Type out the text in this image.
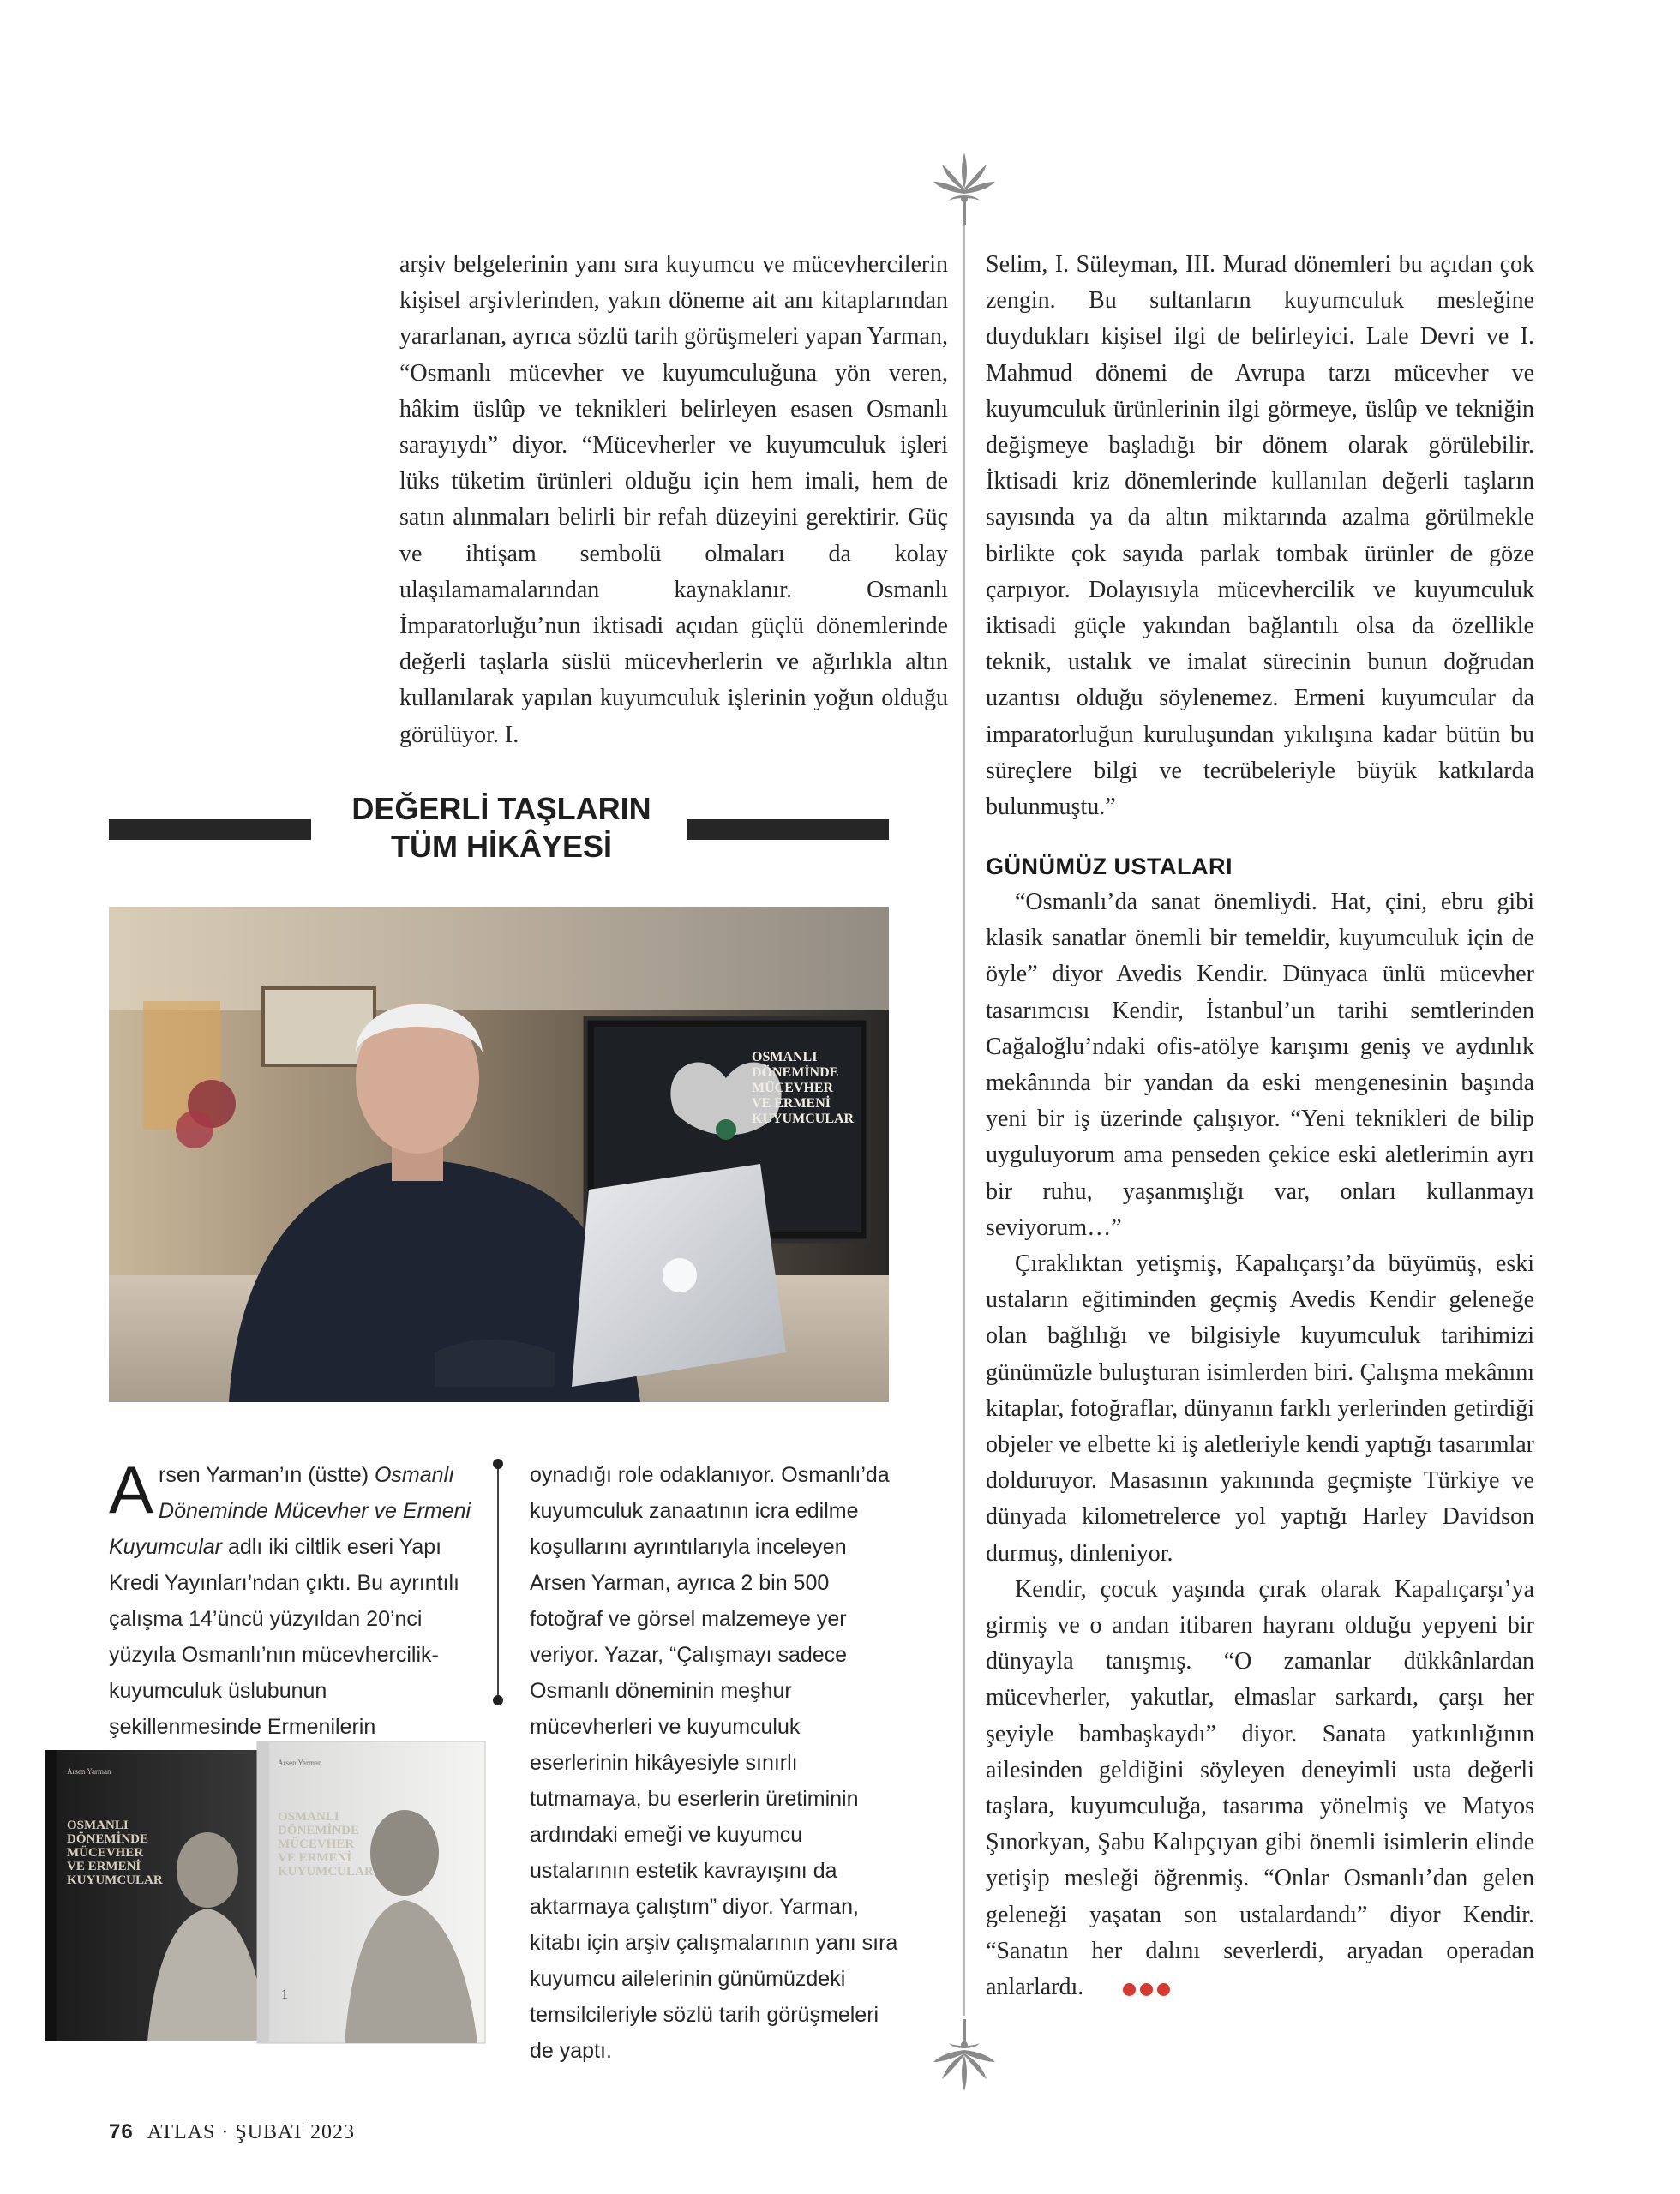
arşiv belgelerinin yanı sıra kuyumcu ve mücevhercilerin kişisel arşivlerinden, yakın döneme ait anı kitaplarından yararlanan, ayrıca sözlü tarih görüşmeleri yapan Yarman, “Osmanlı mücevher ve kuyumculuğuna yön veren, hâkim üslûp ve teknikleri belirleyen esasen Osmanlı sarayıydı” diyor. “Mücevherler ve kuyumculuk işleri lüks tüketim ürünleri olduğu için hem imali, hem de satın alınmaları belirli bir refah düzeyini gerektirir. Güç ve ihtişam sembolü olmaları da kolay ulaşılamamalarından kaynaklanır. Osmanlı İmparatorluğu’nun iktisadi açıdan güçlü dönemlerinde değerli taşlarla süslü mücevherlerin ve ağırlıkla altın kullanılarak yapılan kuyumculuk işlerinin yoğun olduğu görülüyor. I.

Selim, I. Süleyman, III. Murad dönemleri bu açıdan çok zengin. Bu sultanların kuyumculuk mesleğine duydukları kişisel ilgi de belirleyici. Lale Devri ve I. Mahmud dönemi de Avrupa tarzı mücevher ve kuyumculuk ürünlerinin ilgi görmeye, üslûp ve tekniğin değişmeye başladığı bir dönem olarak görülebilir. İktisadi kriz dönemlerinde kullanılan değerli taşların sayısında ya da altın miktarında azalma görülmekle birlikte çok sayıda parlak tombak ürünler de göze çarpıyor. Dolayısıyla mücevhercilik ve kuyumculuk iktisadi güçle yakından bağlantılı olsa da özellikle teknik, ustalık ve imalat sürecinin bunun doğrudan uzantısı olduğu söylenemez. Ermeni kuyumcular da imparatorluğun kuruluşundan yıkılışına kadar bütün bu süreçlere bilgi ve tecrübeleriyle büyük katkılarda bulunmuştu.”

GÜNÜMÜZ USTALARI

“Osmanlı’da sanat önemliydi. Hat, çini, ebru gibi klasik sanatlar önemli bir temeldir, kuyumculuk için de öyle” diyor Avedis Kendir. Dünyaca ünlü mücevher tasarımcısı Kendir, İstanbul’un tarihi semtlerinden Cağaloğlu’ndaki ofis-atölye karışımı geniş ve aydınlık mekânında bir yandan da eski mengenesinin başında yeni bir iş üzerinde çalışıyor. “Yeni teknikleri de bilip uyguluyorum ama penseden çekice eski aletlerimin ayrı bir ruhu, yaşanmışlığı var, onları kullanmayı seviyorum…”

Çıraklıktan yetişmiş, Kapalıçarşı’da büyümüş, eski ustaların eğitiminden geçmiş Avedis Kendir geleneğe olan bağlılığı ve bilgisiyle kuyumculuk tarihimizi günümüzle buluşturan isimlerden biri. Çalışma mekânını kitaplar, fotoğraflar, dünyanın farklı yerlerinden getirdiği objeler ve elbette ki iş aletleriyle kendi yaptığı tasarımlar dolduruyor. Masasının yakınında geçmişte Türkiye ve dünyada kilometrelerce yol yaptığı Harley Davidson durmuş, dinleniyor.

Kendir, çocuk yaşında çırak olarak Kapalıçarşı’ya girmiş ve o andan itibaren hayranı olduğu yepyeni bir dünyayla tanışmış. “O zamanlar dükkânlardan mücevherler, yakutlar, elmaslar sarkardı, çarşı her şeyiyle bambaşkaydı” diyor. Sanata yatkınlığının ailesinden geldiğini söyleyen deneyimli usta değerli taşlara, kuyumculuğa, tasarıma yönelmiş ve Matyos Şınorkyan, Şabu Kalıpçıyan gibi önemli isimlerin elinde yetişip mesleği öğrenmiş. “Onlar Osmanlı’dan gelen geleneği yaşatan son ustalardandı” diyor Kendir. “Sanatın her dalını severlerdi, aryadan operadan anlarlardı.

DEĞERLİ TAŞLARIN
TÜM HİKÂYESİ
OSMANLI
DÖNEMİNDE
MÜCEVHER
VE ERMENİ
KUYUMCULAR

Arsen Yarman’ın (üstte) Osmanlı Döneminde Mücevher ve Ermeni Kuyumcular adlı iki ciltlik eseri Yapı Kredi Yayınları’ndan çıktı. Bu ayrıntılı çalışma 14’üncü yüzyıldan 20’nci yüzyıla Osmanlı’nın mücevhercilik-kuyumculuk üslubunun şekillenmesinde Ermenilerin

oynadığı role odaklanıyor. Osmanlı’da kuyumculuk zanaatının icra edilme koşullarını ayrıntılarıyla inceleyen Arsen Yarman, ayrıca 2 bin 500 fotoğraf ve görsel malzemeye yer veriyor. Yazar, “Çalışmayı sadece Osmanlı döneminin meşhur mücevherleri ve kuyumculuk eserlerinin hikâyesiyle sınırlı tutmamaya, bu eserlerin üretiminin ardındaki emeği ve kuyumcu ustalarının estetik kavrayışını da aktarmaya çalıştım” diyor. Yarman, kitabı için arşiv çalışmalarının yanı sıra kuyumcu ailelerinin günümüzdeki temsilcileriyle sözlü tarih görüşmeleri de yaptı.

Arsen Yarman
OSMANLI
DÖNEMİNDE
MÜCEVHER
VE ERMENİ
KUYUMCULAR
Arsen Yarman
OSMANLI
DÖNEMİNDE
MÜCEVHER
VE ERMENİ
KUYUMCULAR
1
76 ATLAS · ŞUBAT 2023
